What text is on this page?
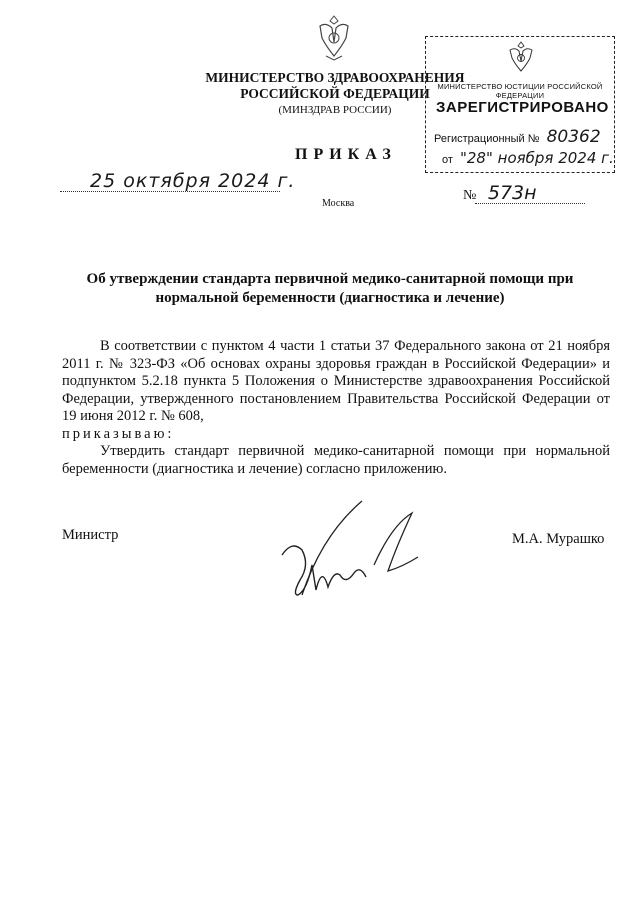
МИНИСТЕРСТВО ЗДРАВООХРАНЕНИЯ
РОССИЙСКОЙ ФЕДЕРАЦИИ
(МИНЗДРАВ РОССИИ)
ПРИКАЗ
25 октября 2024 г.
№ 573н
Москва
МИНИСТЕРСТВО ЮСТИЦИИ РОССИЙСКОЙ ФЕДЕРАЦИИ
ЗАРЕГИСТРИРОВАНО
Регистрационный № 80362
от "28" ноября 2024 г.
Об утверждении стандарта первичной медико-санитарной помощи при
нормальной беременности (диагностика и лечение)

В соответствии с пунктом 4 части 1 статьи 37 Федерального закона от 21 ноября 2011 г. № 323-ФЗ «Об основах охраны здоровья граждан в Российской Федерации» и подпунктом 5.2.18 пункта 5 Положения о Министерстве здравоохранения Российской Федерации, утвержденного постановлением Правительства Российской Федерации от 19 июня 2012 г. № 608,

приказываю:

Утвердить стандарт первичной медико-санитарной помощи при нормальной беременности (диагностика и лечение) согласно приложению.

Министр	М.А. Мурашко
